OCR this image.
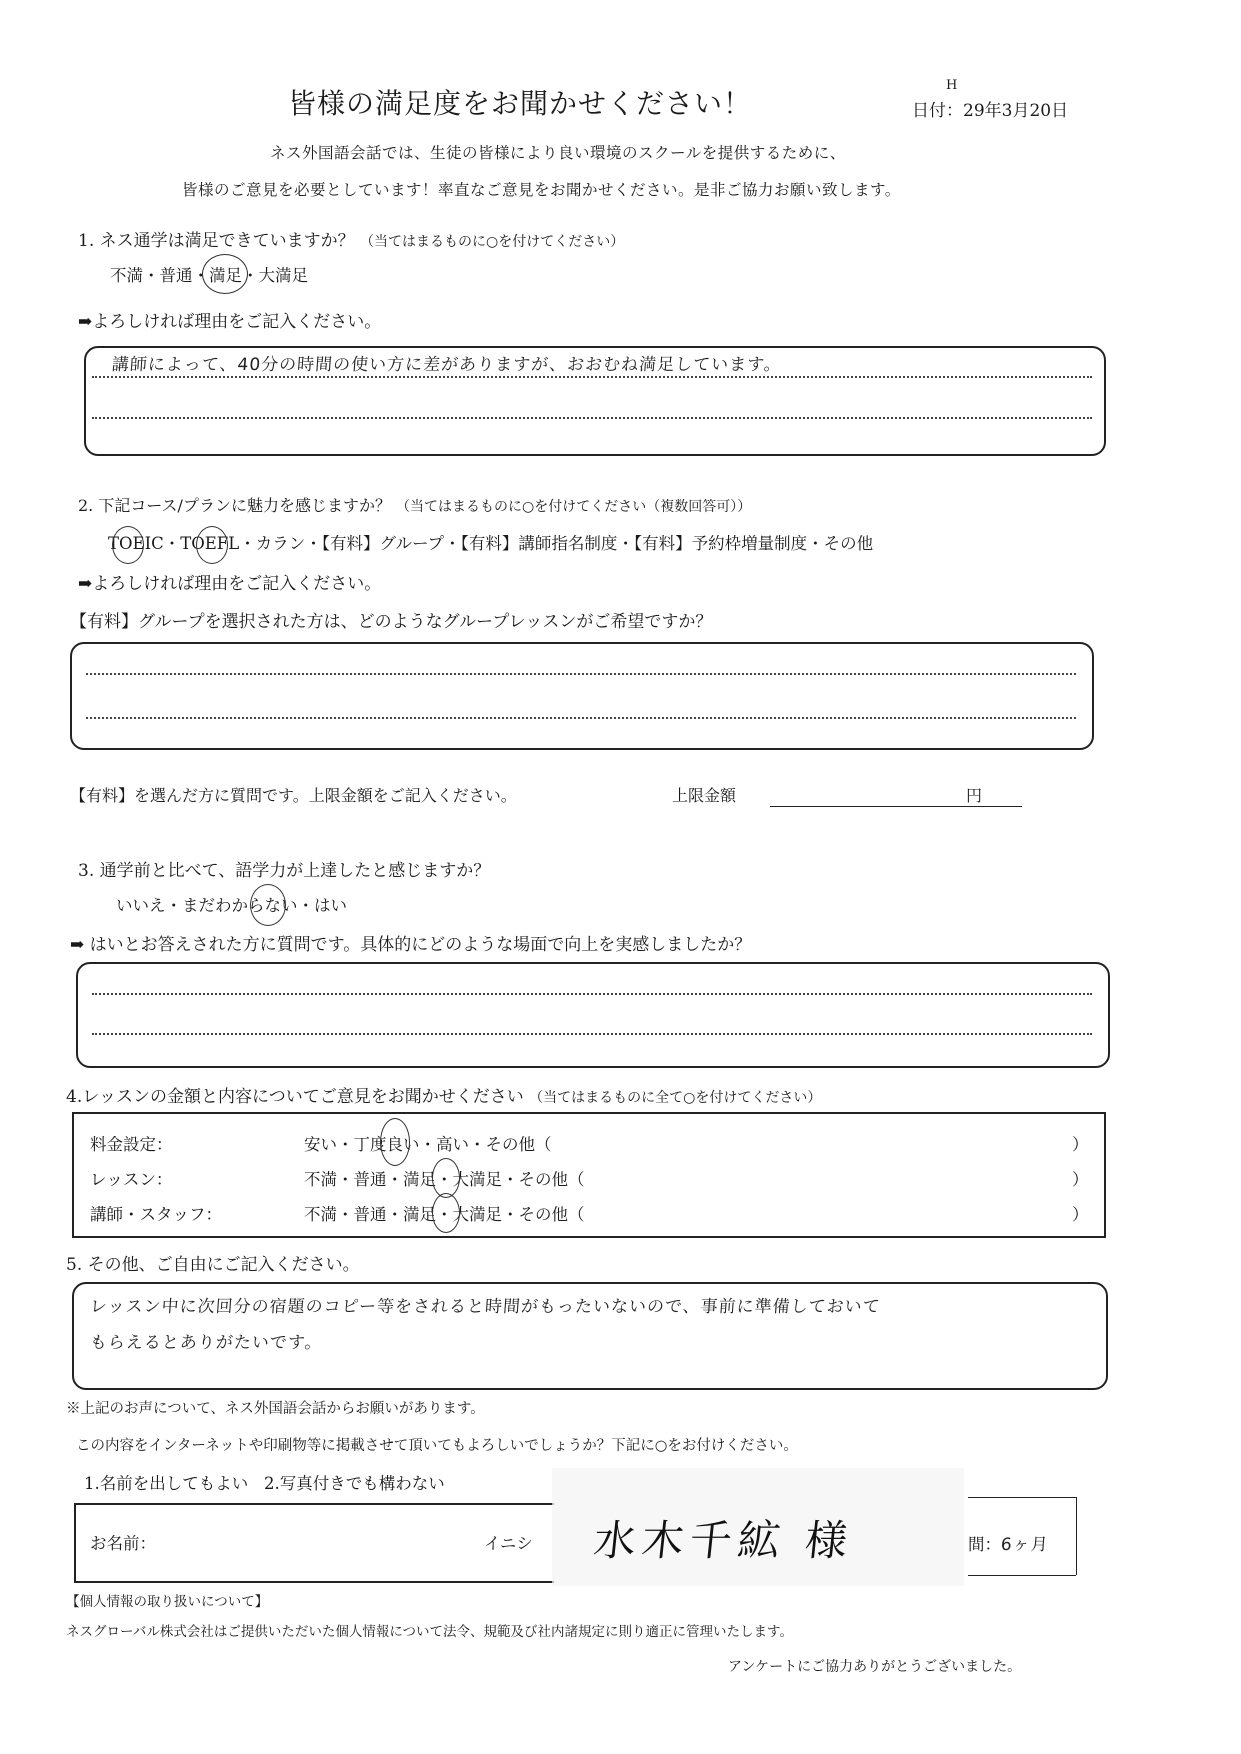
皆様の満足度をお聞かせください！
H
日付：29年3月20日
ネス外国語会話では、生徒の皆様により良い環境のスクールを提供するために、
皆様のご意見を必要としています！率直なご意見をお聞かせください。是非ご協力お願い致します。
1. ネス通学は満足できていますか？ （当てはまるものに○を付けてください）
不満・普通・満足・大満足
➡よろしければ理由をご記入ください。
講師によって、40分の時間の使い方に差がありますが、おおむね満足しています。
2. 下記コース/プランに魅力を感じますか？ （当てはまるものに○を付けてください（複数回答可））
TOEIC・TOEFL・カラン・【有料】グループ・【有料】講師指名制度・【有料】予約枠増量制度・その他
➡よろしければ理由をご記入ください。
【有料】グループを選択された方は、どのようなグループレッスンがご希望ですか？
【有料】を選んだ方に質問です。上限金額をご記入ください。	上限金額	円
3. 通学前と比べて、語学力が上達したと感じますか？
いいえ・まだわからない・はい
➡ はいとお答えされた方に質問です。具体的にどのような場面で向上を実感しましたか？
4.レッスンの金額と内容についてご意見をお聞かせください （当てはまるものに全て○を付けてください）
料金設定：	安い・丁度良い・高い・その他（	）
レッスン：	不満・普通・満足・大満足・その他（	）
講師・スタッフ：	不満・普通・満足・大満足・その他（	）
5. その他、ご自由にご記入ください。
レッスン中に次回分の宿題のコピー等をされると時間がもったいないので、事前に準備しておいて
もらえるとありがたいです。
※上記のお声について、ネス外国語会話からお願いがあります。
この内容をインターネットや印刷物等に掲載させて頂いてもよろしいでしょうか？下記に○をお付けください。
1.名前を出してもよい 2.写真付きでも構わない
お名前：	イニシ 水木千絋 様	間：6ヶ月
【個人情報の取り扱いについて】
ネスグローバル株式会社はご提供いただいた個人情報について法令、規範及び社内諸規定に則り適正に管理いたします。
アンケートにご協力ありがとうございました。
